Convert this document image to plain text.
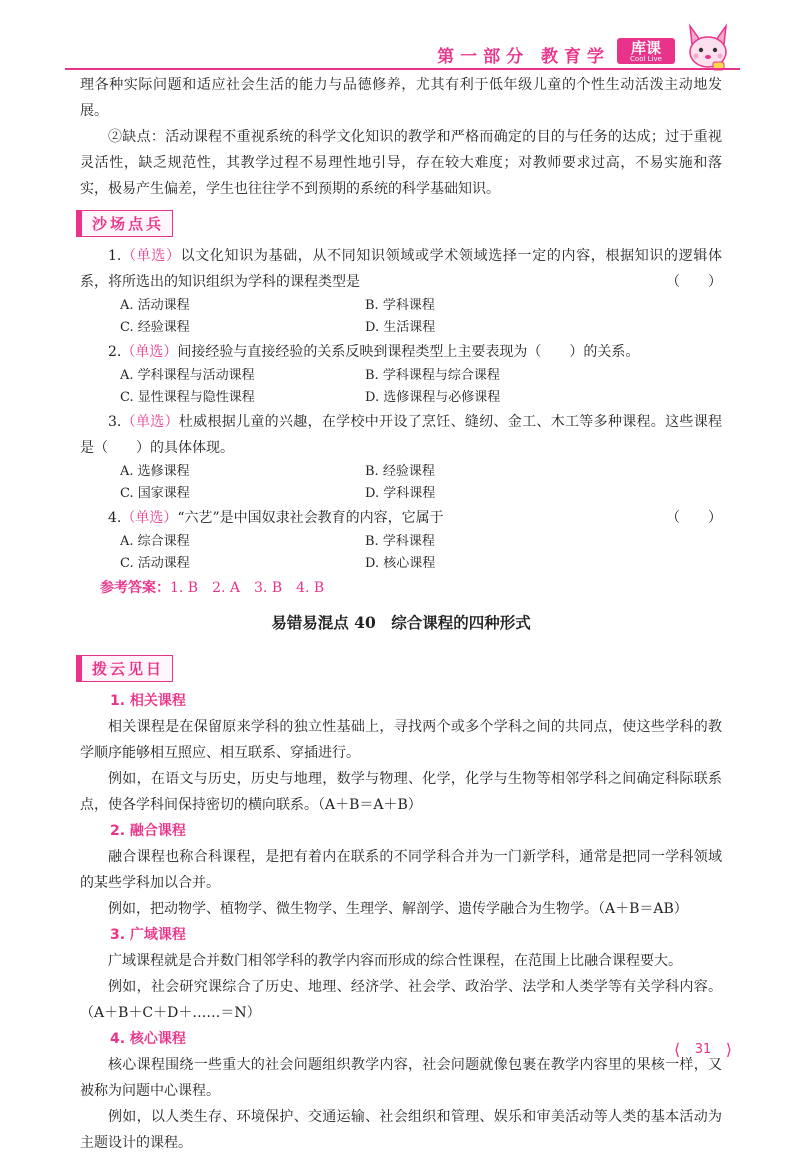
第一部分 教育学	库课
Cool Live
理各种实际问题和适应社会生活的能力与品德修养，尤其有利于低年级儿童的个性生动活泼主动地发展。
②缺点：活动课程不重视系统的科学文化知识的教学和严格而确定的目的与任务的达成；过于重视灵活性，缺乏规范性，其教学过程不易理性地引导，存在较大难度；对教师要求过高，不易实施和落实，极易产生偏差，学生也往往学不到预期的系统的科学基础知识。
沙场点兵
1.（单选）以文化知识为基础，从不同知识领域或学术领域选择一定的内容，根据知识的逻辑体系，将所选出的知识组织为学科的课程类型是	（　　）
A. 活动课程	B. 学科课程
C. 经验课程	D. 生活课程
2.（单选）间接经验与直接经验的关系反映到课程类型上主要表现为（　　）的关系。
A. 学科课程与活动课程	B. 学科课程与综合课程
C. 显性课程与隐性课程	D. 选修课程与必修课程
3.（单选）杜威根据儿童的兴趣，在学校中开设了烹饪、缝纫、金工、木工等多种课程。这些课程是（　　）的具体体现。
A. 选修课程	B. 经验课程
C. 国家课程	D. 学科课程
4.（单选）“六艺”是中国奴隶社会教育的内容，它属于	（　　）
A. 综合课程	B. 学科课程
C. 活动课程	D. 核心课程
参考答案：1. B　2. A　3. B　4. B
易错易混点 40　综合课程的四种形式
拨云见日
1. 相关课程
相关课程是在保留原来学科的独立性基础上，寻找两个或多个学科之间的共同点，使这些学科的教学顺序能够相互照应、相互联系、穿插进行。
例如，在语文与历史，历史与地理，数学与物理、化学，化学与生物等相邻学科之间确定科际联系点，使各学科间保持密切的横向联系。（A＋B＝A＋B）
2. 融合课程
融合课程也称合科课程，是把有着内在联系的不同学科合并为一门新学科，通常是把同一学科领域的某些学科加以合并。
例如，把动物学、植物学、微生物学、生理学、解剖学、遗传学融合为生物学。（A＋B＝AB）
3. 广域课程
广域课程就是合并数门相邻学科的教学内容而形成的综合性课程，在范围上比融合课程要大。
例如，社会研究课综合了历史、地理、经济学、社会学、政治学、法学和人类学等有关学科内容。（A＋B＋C＋D＋……＝N）
4. 核心课程
核心课程围绕一些重大的社会问题组织教学内容，社会问题就像包裹在教学内容里的果核一样，又被称为问题中心课程。
例如，以人类生存、环境保护、交通运输、社会组织和管理、娱乐和审美活动等人类的基本活动为主题设计的课程。
⟨ 31 ⟩
